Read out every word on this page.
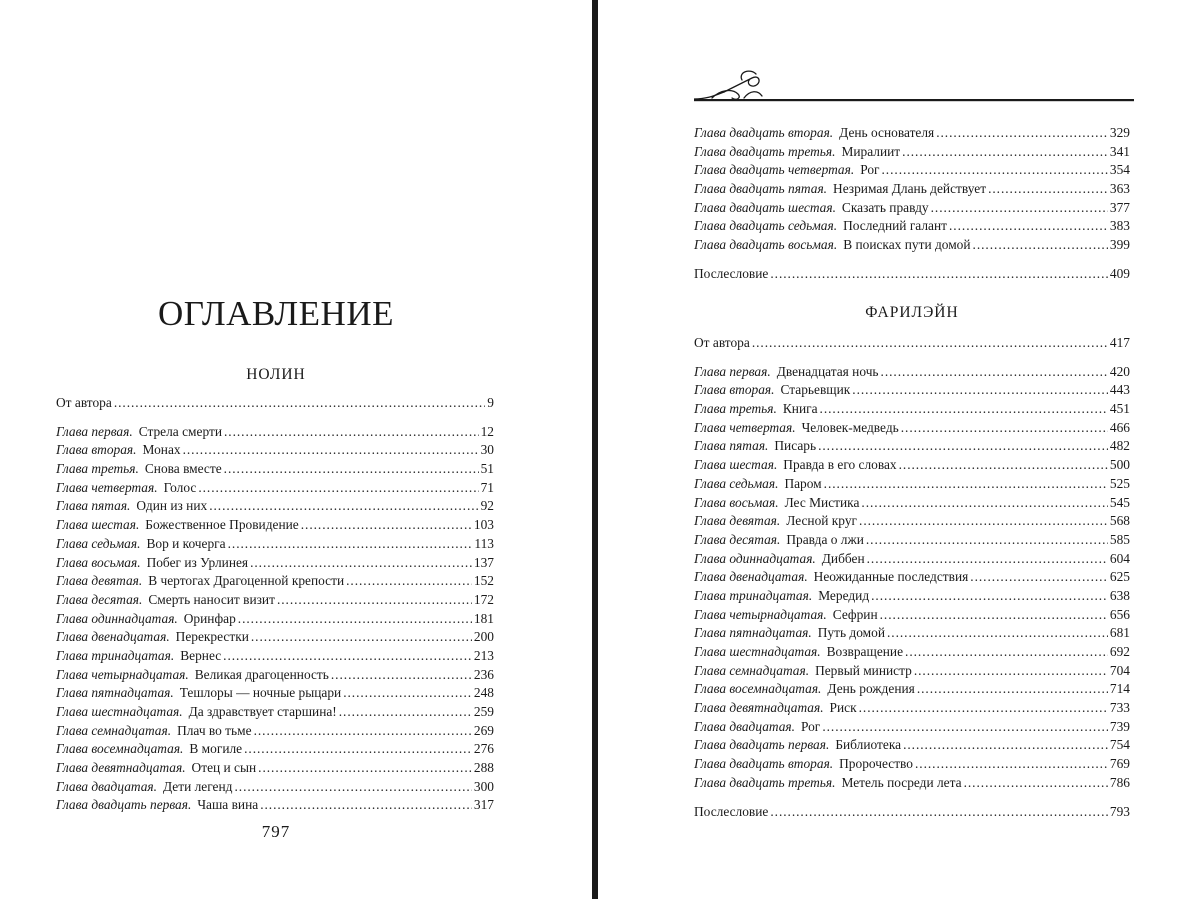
ОГЛАВЛЕНИЕ
НОЛИН
От автора . . .	9
Глава первая. Стрела смерти . . .	12
Глава вторая. Монах . . .	30
Глава третья. Снова вместе . . .	51
Глава четвертая. Голос . . .	71
Глава пятая. Один из них . . .	92
Глава шестая. Божественное Провидение . . .	103
Глава седьмая. Вор и кочерга . . .	113
Глава восьмая. Побег из Урлинея . . .	137
Глава девятая. В чертогах Драгоценной крепости . . .	152
Глава десятая. Смерть наносит визит . . .	172
Глава одиннадцатая. Оринфар . . .	181
Глава двенадцатая. Перекрестки . . .	200
Глава тринадцатая. Вернес . . .	213
Глава четырнадцатая. Великая драгоценность . . .	236
Глава пятнадцатая. Тешлоры — ночные рыцари . . .	248
Глава шестнадцатая. Да здравствует старшина! . . .	259
Глава семнадцатая. Плач во тьме . . .	269
Глава восемнадцатая. В могиле . . .	276
Глава девятнадцатая. Отец и сын . . .	288
Глава двадцатая. Дети легенд . . .	300
Глава двадцать первая. Чаша вина . . .	317
797
Глава двадцать вторая. День основателя . . .	329
Глава двадцать третья. Миралиит . . .	341
Глава двадцать четвертая. Рог . . .	354
Глава двадцать пятая. Незримая Длань действует . . .	363
Глава двадцать шестая. Сказать правду . . .	377
Глава двадцать седьмая. Последний галант . . .	383
Глава двадцать восьмая. В поисках пути домой . . .	399
Послесловие . . .	409
ФАРИЛЭЙН
От автора . . .	417
Глава первая. Двенадцатая ночь . . .	420
Глава вторая. Старьевщик . . .	443
Глава третья. Книга . . .	451
Глава четвертая. Человек-медведь . . .	466
Глава пятая. Писарь . . .	482
Глава шестая. Правда в его словах . . .	500
Глава седьмая. Паром . . .	525
Глава восьмая. Лес Мистика . . .	545
Глава девятая. Лесной круг . . .	568
Глава десятая. Правда о лжи . . .	585
Глава одиннадцатая. Диббен . . .	604
Глава двенадцатая. Неожиданные последствия . . .	625
Глава тринадцатая. Мередид . . .	638
Глава четырнадцатая. Сефрин . . .	656
Глава пятнадцатая. Путь домой . . .	681
Глава шестнадцатая. Возвращение . . .	692
Глава семнадцатая. Первый министр . . .	704
Глава восемнадцатая. День рождения . . .	714
Глава девятнадцатая. Риск . . .	733
Глава двадцатая. Рог . . .	739
Глава двадцать первая. Библиотека . . .	754
Глава двадцать вторая. Пророчество . . .	769
Глава двадцать третья. Метель посреди лета . . .	786
Послесловие . . .	793
